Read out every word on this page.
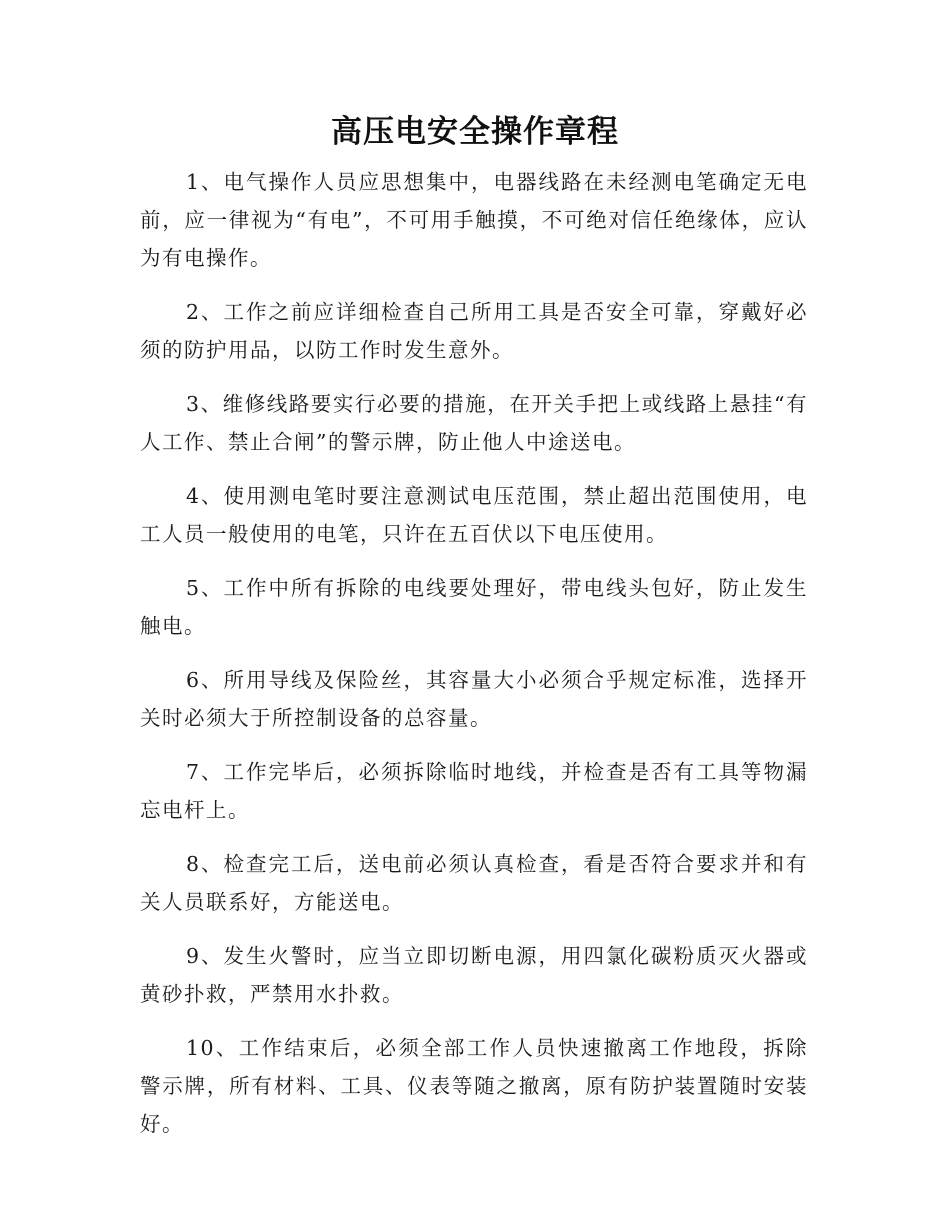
高压电安全操作章程

1、电气操作人员应思想集中，电器线路在未经测电笔确定无电前，应一律视为“有电”，不可用手触摸，不可绝对信任绝缘体，应认为有电操作。

2、工作之前应详细检查自己所用工具是否安全可靠，穿戴好必须的防护用品，以防工作时发生意外。

3、维修线路要实行必要的措施，在开关手把上或线路上悬挂“有人工作、禁止合闸”的警示牌，防止他人中途送电。

4、使用测电笔时要注意测试电压范围，禁止超出范围使用，电工人员一般使用的电笔，只许在五百伏以下电压使用。

5、工作中所有拆除的电线要处理好，带电线头包好，防止发生触电。

6、所用导线及保险丝，其容量大小必须合乎规定标准，选择开关时必须大于所控制设备的总容量。

7、工作完毕后，必须拆除临时地线，并检查是否有工具等物漏忘电杆上。

8、检查完工后，送电前必须认真检查，看是否符合要求并和有关人员联系好，方能送电。

9、发生火警时，应当立即切断电源，用四氯化碳粉质灭火器或黄砂扑救，严禁用水扑救。

10、工作结束后，必须全部工作人员快速撤离工作地段，拆除警示牌，所有材料、工具、仪表等随之撤离，原有防护装置随时安装好。
